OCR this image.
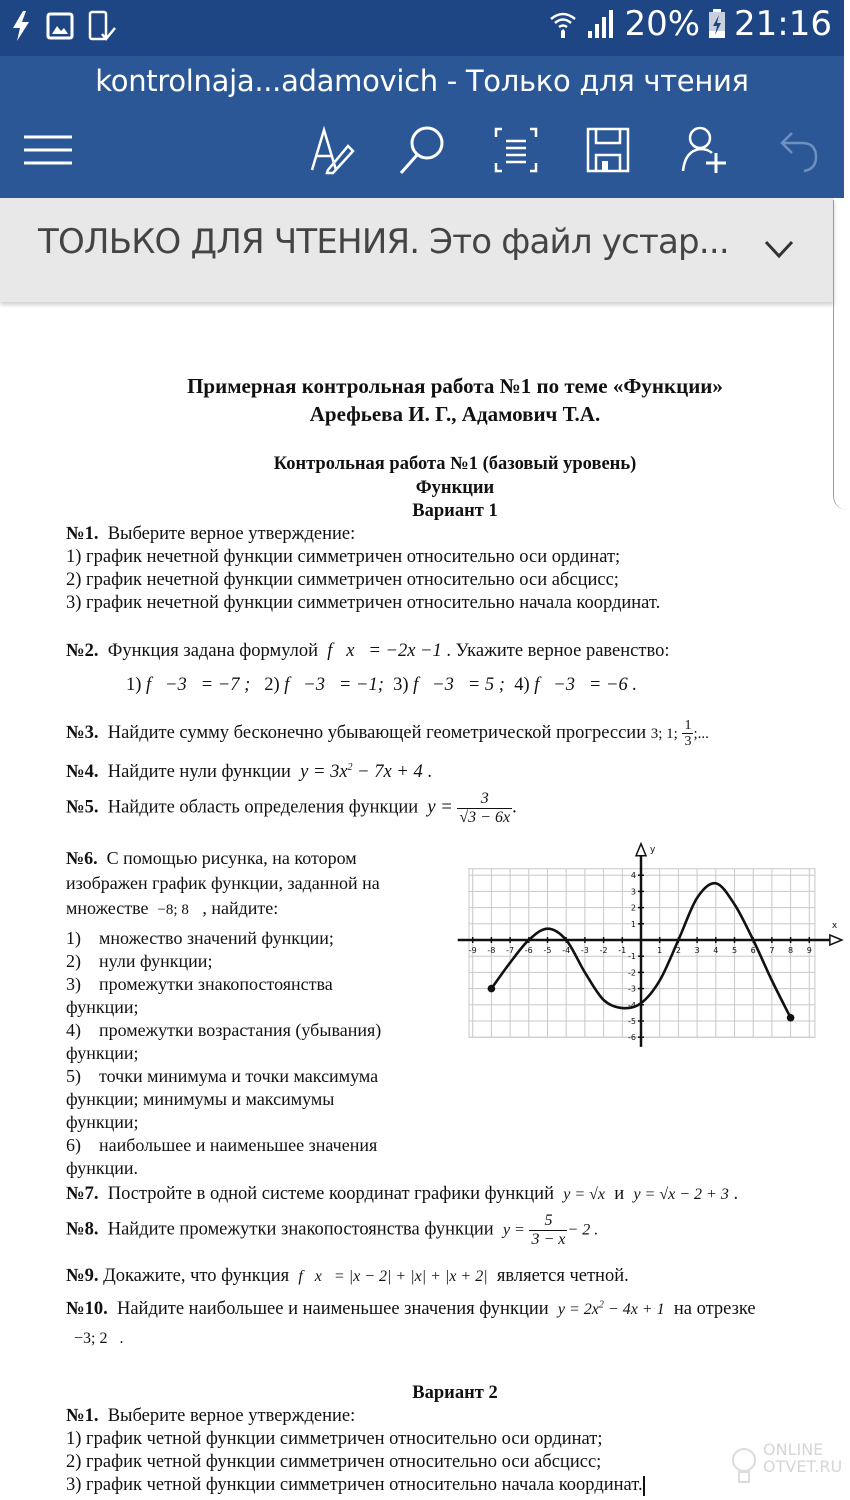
20% 21:16
kontrolnaja...adamovich - Только для чтения
ТОЛЬКО ДЛЯ ЧТЕНИЯ. Это файл устар...
Примерная контрольная работа №1 по теме «Функции»
Арефьева И. Г., Адамович Т.А.
Контрольная работа №1 (базовый уровень)
Функции
Вариант 1
№1. Выберите верное утверждение:
1) график нечетной функции симметричен относительно оси ординат;
2) график нечетной функции симметричен относительно оси абсцисс;
3) график нечетной функции симметричен относительно начала координат.
№2. Функция задана формулой f   x   = −2x −1 . Укажите верное равенство:
1) f   −3   = −7 ; 2) f   −3   = −1; 3) f   −3   = 5 ; 4) f   −3   = −6 .
№3. Найдите сумму бесконечно убывающей геометрической прогрессии 3; 1; $\frac{1}{3}$ ;...
№4. Найдите нули функции $y = 3x^2 - 7x + 4$ .
№5. Найдите область определения функции $y = \frac{3}{√3 - 6x}$ .
№6. С помощью рисунка, на котором
изображен график функции, заданной на
множестве −8; 8 , найдите:
1)    множество значений функции;
2)    нули функции;
3)    промежутки знакопостоянства
функции;
4)    промежутки возрастания (убывания)
функции;
5)    точки минимума и точки максимума
функции; минимумы и максимумы
функции;
6)    наибольшее и наименьшее значения
функции.
x
y
-9 -8 -7 -6 -5 -4 -3 -2 -1	1 2 3 4 5 6 7 8 9
4
3
2
1
-1
-2
-3
-4
-5
-6
№7. Постройте в одной системе координат графики функций y = √x и y = √x − 2 + 3 .
№8. Найдите промежутки знакопостоянства функции $y = \frac{5}{3 - x} - 2$ .
№9. Докажите, что функция f   x   = |x − 2| + |x| + |x + 2| является четной.
№10. Найдите наибольшее и наименьшее значения функции $y = 2x^2 - 4x + 1$ на отрезке
−3; 2   .
Вариант 2
№1. Выберите верное утверждение:
1) график четной функции симметричен относительно оси ординат;
2) график четной функции симметричен относительно оси абсцисс;
3) график четной функции симметричен относительно начала координат.
ONLINE
OTVET.RU
